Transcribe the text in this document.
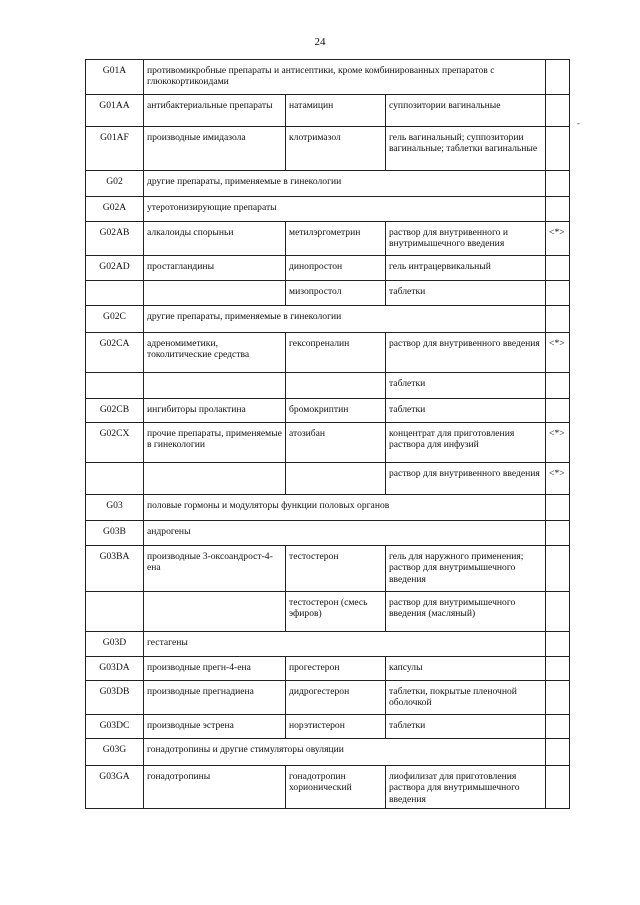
24
-
G01A	противомикробные препараты и антисептики, кроме комбинированных препаратов с глюкокортикоидами			
G01AA	антибактериальные препараты	натамицин	суппозитории вагинальные	
G01AF	производные имидазола	клотримазол	гель вагинальный; суппозитории вагинальные; таблетки вагинальные	
G02	другие препараты, применяемые в гинекологии			
G02A	утеротонизирующие препараты			
G02AB	алкалоиды спорыньи	метилэргометрин	раствор для внутривенного и внутримышечного введения	<*>
G02AD	простагландины	динопростон	гель интрацервикальный	
		мизопростол	таблетки	
G02C	другие препараты, применяемые в гинекологии			
G02CA	адреномиметики, токолитические средства	гексопреналин	раствор для внутривенного введения	<*>
			таблетки	
G02CB	ингибиторы пролактина	бромокриптин	таблетки	
G02CX	прочие препараты, применяемые в гинекологии	атозибан	концентрат для приготовления раствора для инфузий	<*>
			раствор для внутривенного введения	<*>
G03	половые гормоны и модуляторы функции половых органов			
G03B	андрогены			
G03BA	производные 3-оксоандрост-4-ена	тестостерон	гель для наружного применения; раствор для внутримышечного введения	
		тестостерон (смесь эфиров)	раствор для внутримышечного введения (масляный)	
G03D	гестагены			
G03DA	производные прегн-4-ена	прогестерон	капсулы	
G03DB	производные прегнадиена	дидрогестерон	таблетки, покрытые пленочной оболочкой	
G03DC	производные эстрена	норэтистерон	таблетки	
G03G	гонадотропины и другие стимуляторы овуляции			
G03GA	гонадотропины	гонадотропин хорионический	лиофилизат для приготовления раствора для внутримышечного введения	
